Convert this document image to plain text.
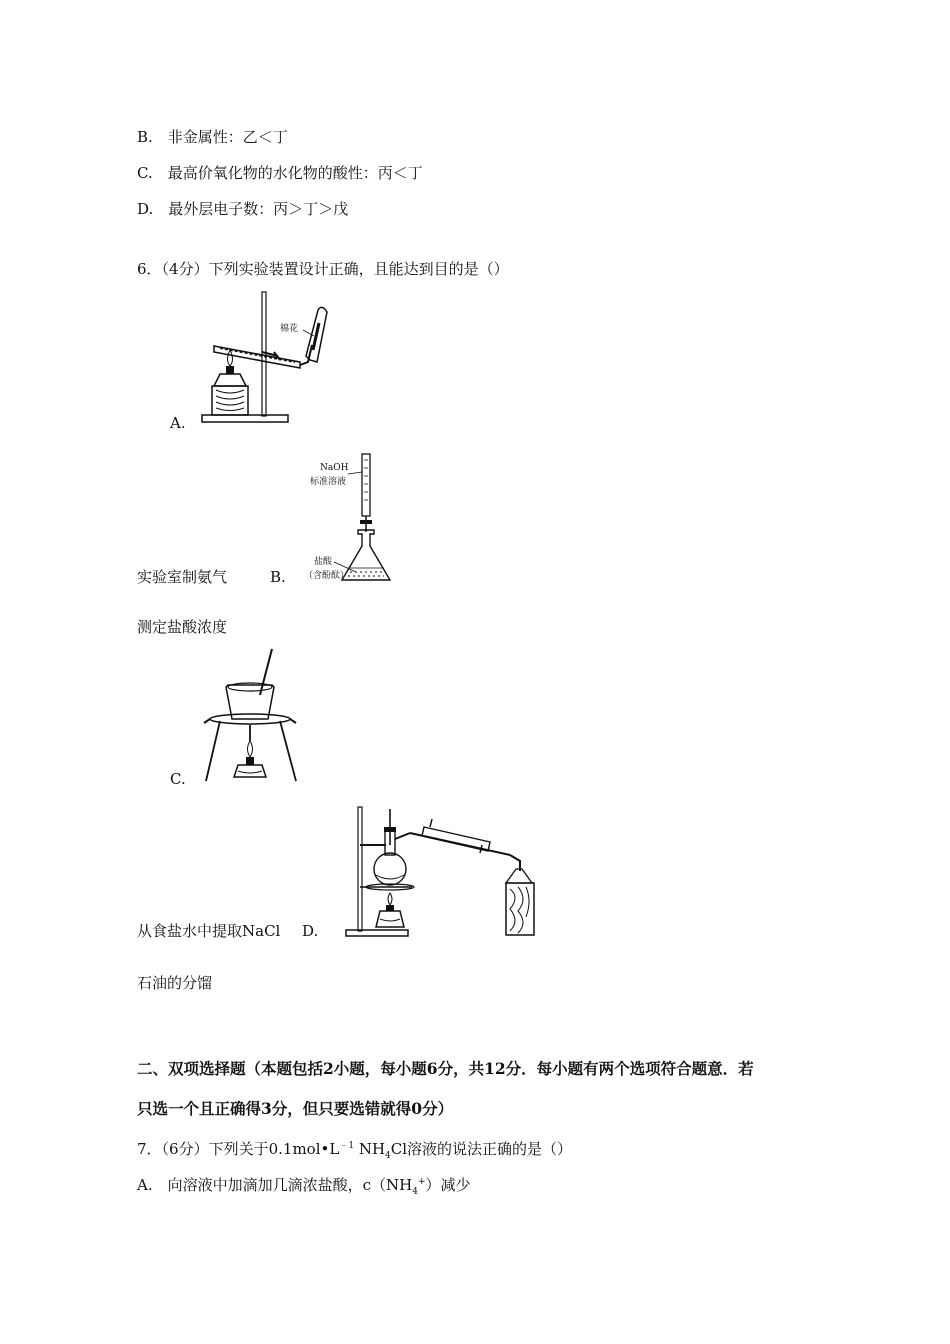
B.　非金属性：乙＜丁
C.　最高价氧化物的水化物的酸性：丙＜丁
D.　最外层电子数：丙＞丁＞戊
6．（4分）下列实验装置设计正确，且能达到目的是（）
棉花
A.
NaOH
标准溶液
盐酸
（含酚酞）
实验室制氨气	B.
测定盐酸浓度
C.
从食盐水中提取NaCl D.
石油的分馏
二、双项选择题（本题包括2小题，每小题6分，共12分．每小题有两个选项符合题意．若
只选一个且正确得3分，但只要选错就得0分）
7．（6分）下列关于$0.1mol•L^{﹣1}$ $NH_4Cl$溶液的说法正确的是（）
A.　向溶液中加滴加几滴浓盐酸，$c(NH_4^+)$减少
